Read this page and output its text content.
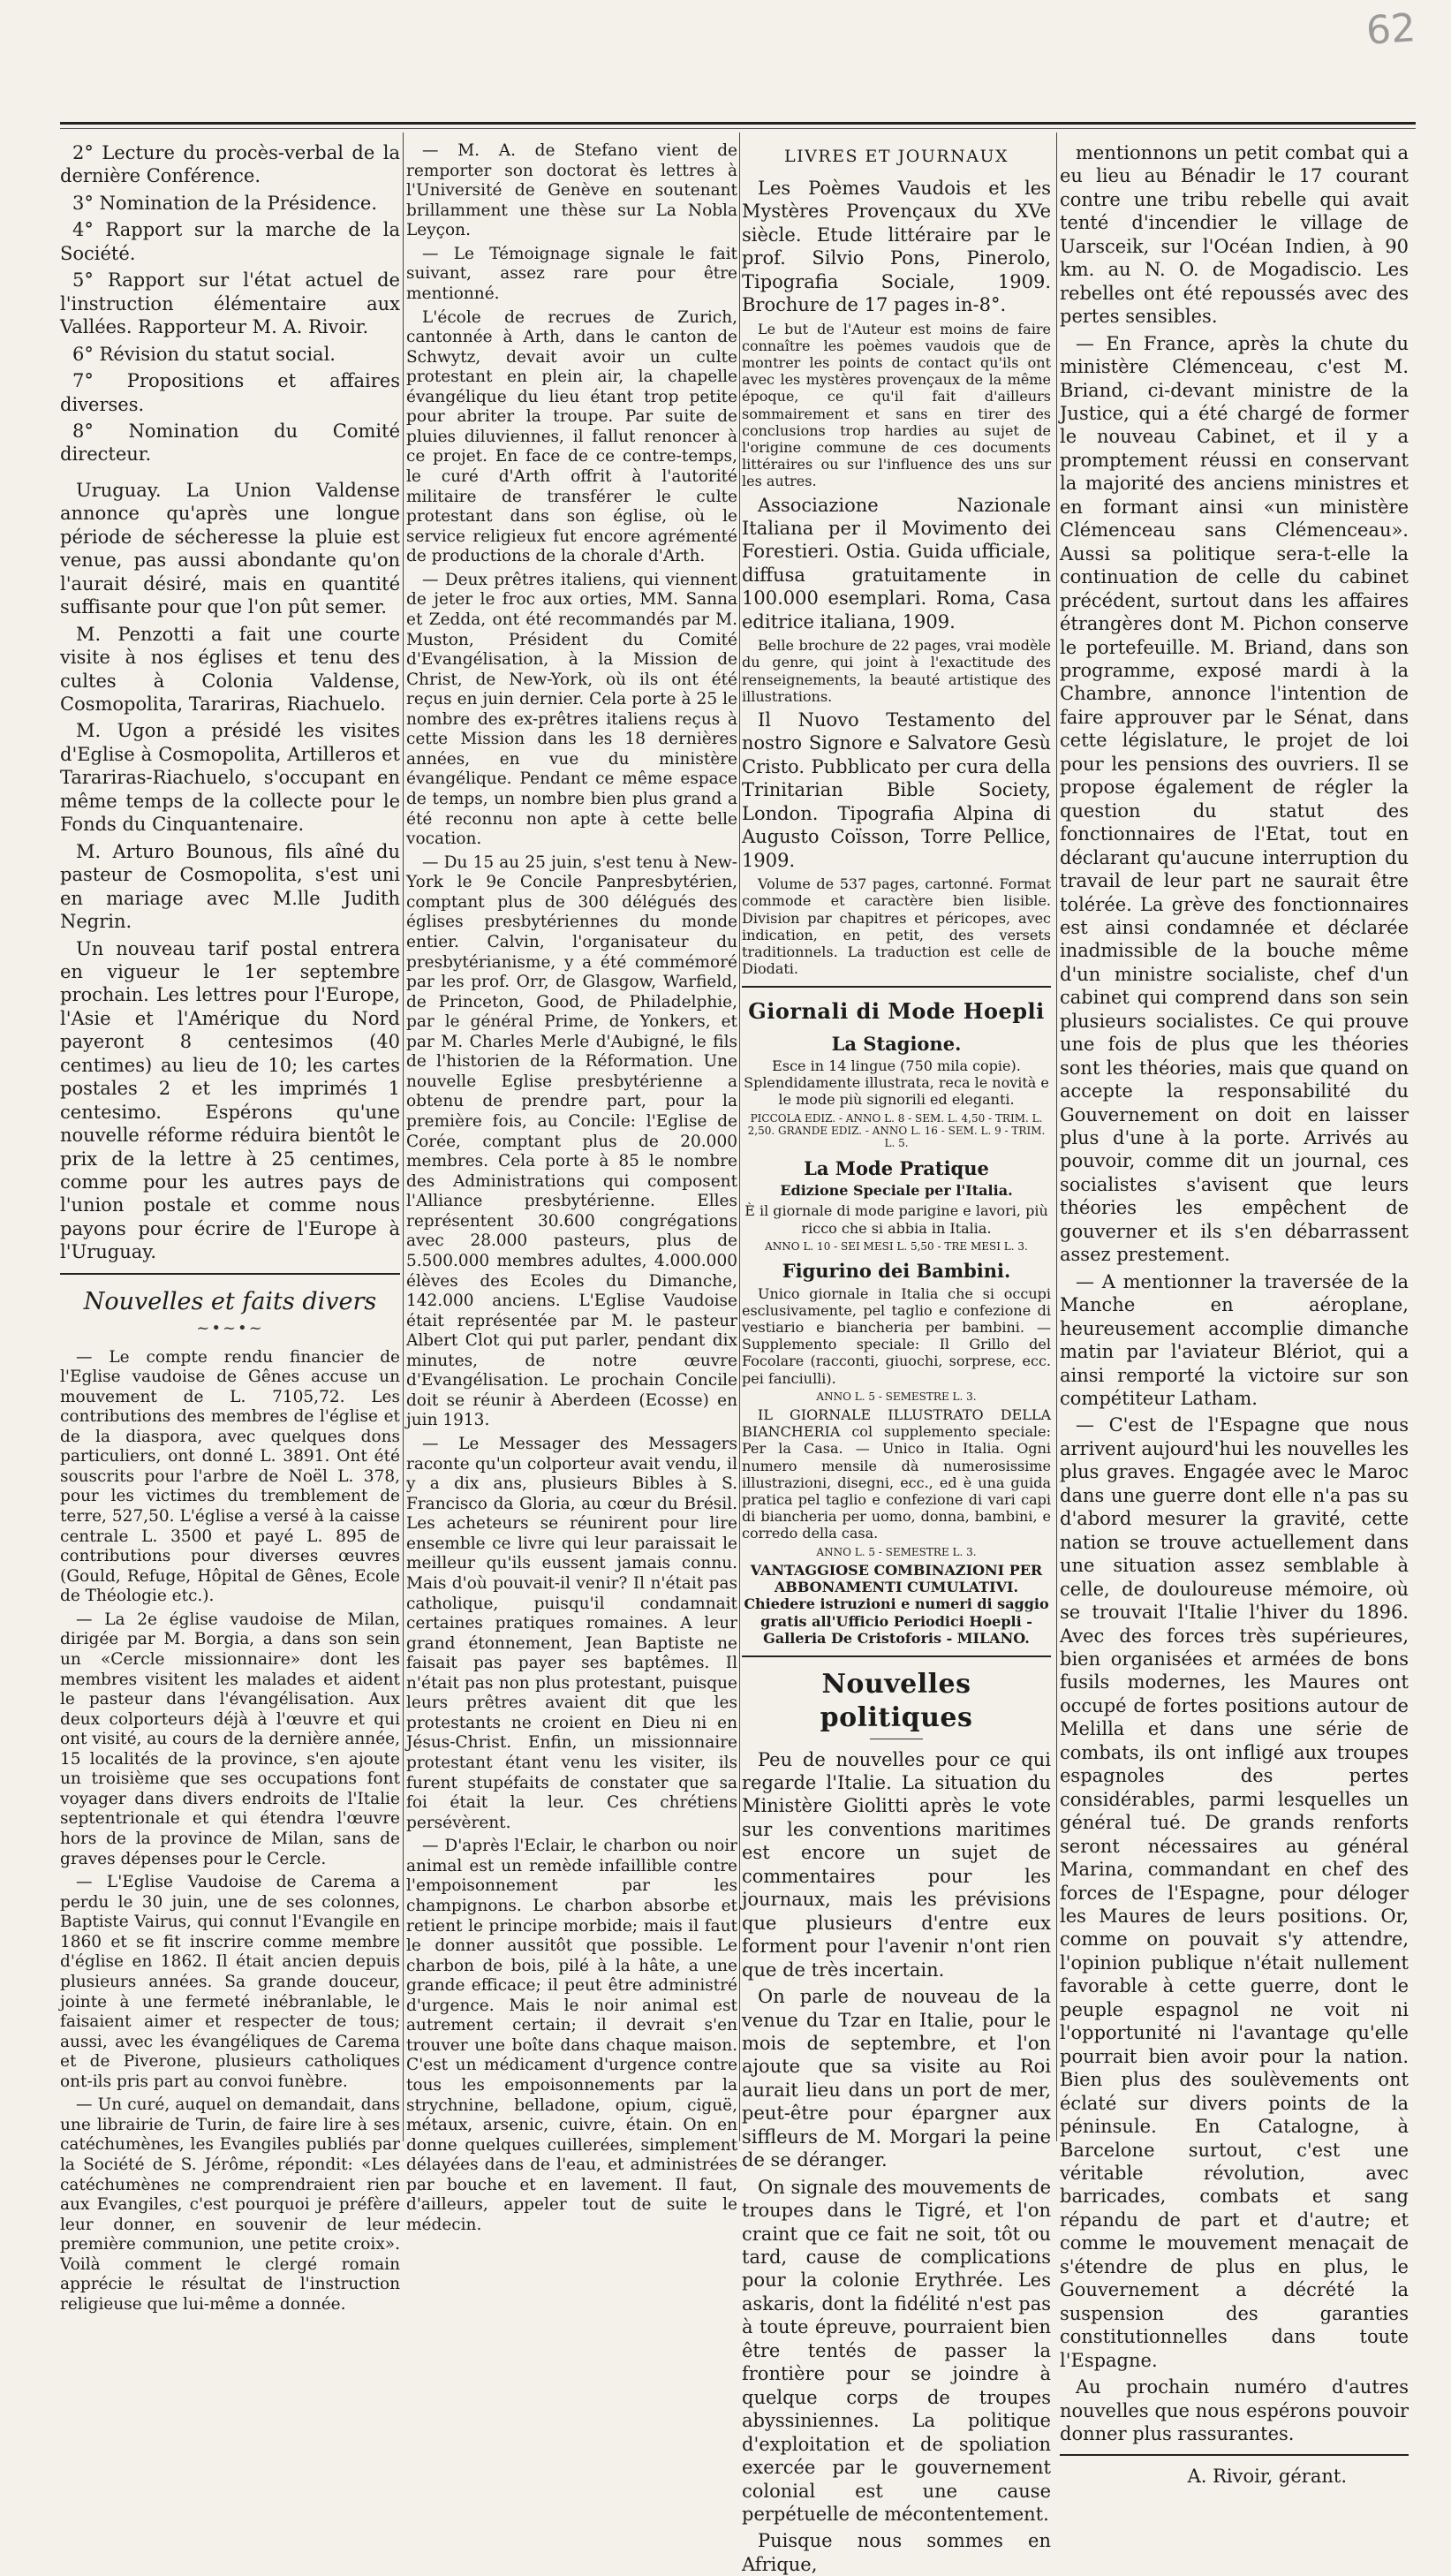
62

2° Lecture du procès-verbal de la dernière Conférence.

3° Nomination de la Présidence.

4° Rapport sur la marche de la Société.

5° Rapport sur l'état actuel de l'instruction élémentaire aux Vallées. Rapporteur M. A. Rivoir.

6° Révision du statut social.

7° Propositions et affaires diverses.

8° Nomination du Comité directeur.

Uruguay. La Union Valdense annonce qu'après une longue période de sécheresse la pluie est venue, pas aussi abondante qu'on l'aurait désiré, mais en quantité suffisante pour que l'on pût semer.

M. Penzotti a fait une courte visite à nos églises et tenu des cultes à Colonia Valdense, Cosmopolita, Tarariras, Riachuelo.

M. Ugon a présidé les visites d'Eglise à Cosmopolita, Artilleros et Tarariras-Riachuelo, s'occupant en même temps de la collecte pour le Fonds du Cinquantenaire.

M. Arturo Bounous, fils aîné du pasteur de Cosmopolita, s'est uni en mariage avec M.lle Judith Negrin.

Un nouveau tarif postal entrera en vigueur le 1er septembre prochain. Les lettres pour l'Europe, l'Asie et l'Amérique du Nord payeront 8 centesimos (40 centimes) au lieu de 10; les cartes postales 2 et les imprimés 1 centesimo. Espérons qu'une nouvelle réforme réduira bientôt le prix de la lettre à 25 centimes, comme pour les autres pays de l'union postale et comme nous payons pour écrire de l'Europe à l'Uruguay.

Nouvelles et faits divers
~•~•~

— Le compte rendu financier de l'Eglise vaudoise de Gênes accuse un mouvement de L. 7105,72. Les contributions des membres de l'église et de la diaspora, avec quelques dons particuliers, ont donné L. 3891. Ont été souscrits pour l'arbre de Noël L. 378, pour les victimes du tremblement de terre, 527,50. L'église a versé à la caisse centrale L. 3500 et payé L. 895 de contributions pour diverses œuvres (Gould, Refuge, Hôpital de Gênes, Ecole de Théologie etc.).

— La 2e église vaudoise de Milan, dirigée par M. Borgia, a dans son sein un «Cercle missionnaire» dont les membres visitent les malades et aident le pasteur dans l'évangélisation. Aux deux colporteurs déjà à l'œuvre et qui ont visité, au cours de la dernière année, 15 localités de la province, s'en ajoute un troisième que ses occupations font voyager dans divers endroits de l'Italie septentrionale et qui étendra l'œuvre hors de la province de Milan, sans de graves dépenses pour le Cercle.

— L'Eglise Vaudoise de Carema a perdu le 30 juin, une de ses colonnes, Baptiste Vairus, qui connut l'Evangile en 1860 et se fit inscrire comme membre d'église en 1862. Il était ancien depuis plusieurs années. Sa grande douceur, jointe à une fermeté inébranlable, le faisaient aimer et respecter de tous; aussi, avec les évangéliques de Carema et de Piverone, plusieurs catholiques ont-ils pris part au convoi funèbre.

— Un curé, auquel on demandait, dans une librairie de Turin, de faire lire à ses catéchumènes, les Evangiles publiés par la Société de S. Jérôme, répondit: «Les catéchumènes ne comprendraient rien aux Evangiles, c'est pourquoi je préfère leur donner, en souvenir de leur première communion, une petite croix». Voilà comment le clergé romain apprécie le résultat de l'instruction religieuse que lui-même a donnée.

— M. A. de Stefano vient de remporter son doctorat ès lettres à l'Université de Genève en soutenant brillamment une thèse sur La Nobla Leyçon.

— Le Témoignage signale le fait suivant, assez rare pour être mentionné.

L'école de recrues de Zurich, cantonnée à Arth, dans le canton de Schwytz, devait avoir un culte protestant en plein air, la chapelle évangélique du lieu étant trop petite pour abriter la troupe. Par suite de pluies diluviennes, il fallut renoncer à ce projet. En face de ce contre-temps, le curé d'Arth offrit à l'autorité militaire de transférer le culte protestant dans son église, où le service religieux fut encore agrémenté de productions de la chorale d'Arth.

— Deux prêtres italiens, qui viennent de jeter le froc aux orties, MM. Sanna et Zedda, ont été recommandés par M. Muston, Président du Comité d'Evangélisation, à la Mission de Christ, de New-York, où ils ont été reçus en juin dernier. Cela porte à 25 le nombre des ex-prêtres italiens reçus à cette Mission dans les 18 dernières années, en vue du ministère évangélique. Pendant ce même espace de temps, un nombre bien plus grand a été reconnu non apte à cette belle vocation.

— Du 15 au 25 juin, s'est tenu à New-York le 9e Concile Panpresbytérien, comptant plus de 300 délégués des églises presbytériennes du monde entier. Calvin, l'organisateur du presbytérianisme, y a été commémoré par les prof. Orr, de Glasgow, Warfield, de Princeton, Good, de Philadelphie, par le général Prime, de Yonkers, et par M. Charles Merle d'Aubigné, le fils de l'historien de la Réformation. Une nouvelle Eglise presbytérienne a obtenu de prendre part, pour la première fois, au Concile: l'Eglise de Corée, comptant plus de 20.000 membres. Cela porte à 85 le nombre des Administrations qui composent l'Alliance presbytérienne. Elles représentent 30.600 congrégations avec 28.000 pasteurs, plus de 5.500.000 membres adultes, 4.000.000 élèves des Ecoles du Dimanche, 142.000 anciens. L'Eglise Vaudoise était représentée par M. le pasteur Albert Clot qui put parler, pendant dix minutes, de notre œuvre d'Evangélisation. Le prochain Concile doit se réunir à Aberdeen (Ecosse) en juin 1913.

— Le Messager des Messagers raconte qu'un colporteur avait vendu, il y a dix ans, plusieurs Bibles à S. Francisco da Gloria, au cœur du Brésil. Les acheteurs se réunirent pour lire ensemble ce livre qui leur paraissait le meilleur qu'ils eussent jamais connu. Mais d'où pouvait-il venir? Il n'était pas catholique, puisqu'il condamnait certaines pratiques romaines. A leur grand étonnement, Jean Baptiste ne faisait pas payer ses baptêmes. Il n'était pas non plus protestant, puisque leurs prêtres avaient dit que les protestants ne croient en Dieu ni en Jésus-Christ. Enfin, un missionnaire protestant étant venu les visiter, ils furent stupéfaits de constater que sa foi était la leur. Ces chrétiens persévèrent.

— D'après l'Eclair, le charbon ou noir animal est un remède infaillible contre l'empoisonnement par les champignons. Le charbon absorbe et retient le principe morbide; mais il faut le donner aussitôt que possible. Le charbon de bois, pilé à la hâte, a une grande efficace; il peut être administré d'urgence. Mais le noir animal est autrement certain; il devrait s'en trouver une boîte dans chaque maison. C'est un médicament d'urgence contre tous les empoisonnements par la strychnine, belladone, opium, ciguë, métaux, arsenic, cuivre, étain. On en donne quelques cuillerées, simplement délayées dans de l'eau, et administrées par bouche et en lavement. Il faut, d'ailleurs, appeler tout de suite le médecin.

LIVRES ET JOURNAUX

Les Poèmes Vaudois et les Mystères Provençaux du XVe siècle. Etude littéraire par le prof. Silvio Pons, Pinerolo, Tipografia Sociale, 1909. Brochure de 17 pages in-8°.

Le but de l'Auteur est moins de faire connaître les poèmes vaudois que de montrer les points de contact qu'ils ont avec les mystères provençaux de la même époque, ce qu'il fait d'ailleurs sommairement et sans en tirer des conclusions trop hardies au sujet de l'origine commune de ces documents littéraires ou sur l'influence des uns sur les autres.

Associazione Nazionale Italiana per il Movimento dei Forestieri. Ostia. Guida ufficiale, diffusa gratuitamente in 100.000 esemplari. Roma, Casa editrice italiana, 1909.

Belle brochure de 22 pages, vrai modèle du genre, qui joint à l'exactitude des renseignements, la beauté artistique des illustrations.

Il Nuovo Testamento del nostro Signore e Salvatore Gesù Cristo. Pubblicato per cura della Trinitarian Bible Society, London. Tipografia Alpina di Augusto Coïsson, Torre Pellice, 1909.

Volume de 537 pages, cartonné. Format commode et caractère bien lisible. Division par chapitres et péricopes, avec indication, en petit, des versets traditionnels. La traduction est celle de Diodati.

Giornali di Mode Hoepli
La Stagione.

Esce in 14 lingue (750 mila copie). Splendidamente illustrata, reca le novità e le mode più signorili ed eleganti.

PICCOLA EDIZ. - ANNO L. 8 - SEM. L. 4,50 - TRIM. L. 2,50. GRANDE EDIZ. - ANNO L. 16 - SEM. L. 9 - TRIM. L. 5.

La Mode Pratique

Edizione Speciale per l'Italia.

È il giornale di mode parigine e lavori, più ricco che si abbia in Italia.

ANNO L. 10 - SEI MESI L. 5,50 - TRE MESI L. 3.

Figurino dei Bambini.

Unico giornale in Italia che si occupi esclusivamente, pel taglio e confezione di vestiario e biancheria per bambini. — Supplemento speciale: Il Grillo del Focolare (racconti, giuochi, sorprese, ecc. pei fanciulli).

ANNO L. 5 - SEMESTRE L. 3.

IL GIORNALE ILLUSTRATO DELLA BIANCHERIA col supplemento speciale: Per la Casa. — Unico in Italia. Ogni numero mensile dà numerosissime illustrazioni, disegni, ecc., ed è una guida pratica pel taglio e confezione di vari capi di biancheria per uomo, donna, bambini, e corredo della casa.

ANNO L. 5 - SEMESTRE L. 3.

VANTAGGIOSE COMBINAZIONI PER ABBONAMENTI CUMULATIVI. Chiedere istruzioni e numeri di saggio gratis all'Ufficio Periodici Hoepli - Galleria De Cristoforis - MILANO.

Nouvelles politiques

Peu de nouvelles pour ce qui regarde l'Italie. La situation du Ministère Giolitti après le vote sur les conventions maritimes est encore un sujet de commentaires pour les journaux, mais les prévisions que plusieurs d'entre eux forment pour l'avenir n'ont rien que de très incertain.

On parle de nouveau de la venue du Tzar en Italie, pour le mois de septembre, et l'on ajoute que sa visite au Roi aurait lieu dans un port de mer, peut-être pour épargner aux siffleurs de M. Morgari la peine de se déranger.

On signale des mouvements de troupes dans le Tigré, et l'on craint que ce fait ne soit, tôt ou tard, cause de complications pour la colonie Erythrée. Les askaris, dont la fidélité n'est pas à toute épreuve, pourraient bien être tentés de passer la frontière pour se joindre à quelque corps de troupes abyssiniennes. La politique d'exploitation et de spoliation exercée par le gouvernement colonial est une cause perpétuelle de mécontentement.

Puisque nous sommes en Afrique,

mentionnons un petit combat qui a eu lieu au Bénadir le 17 courant contre une tribu rebelle qui avait tenté d'incendier le village de Uarsceik, sur l'Océan Indien, à 90 km. au N. O. de Mogadiscio. Les rebelles ont été repoussés avec des pertes sensibles.

— En France, après la chute du ministère Clémenceau, c'est M. Briand, ci-devant ministre de la Justice, qui a été chargé de former le nouveau Cabinet, et il y a promptement réussi en conservant la majorité des anciens ministres et en formant ainsi «un ministère Clémenceau sans Clémenceau». Aussi sa politique sera-t-elle la continuation de celle du cabinet précédent, surtout dans les affaires étrangères dont M. Pichon conserve le portefeuille. M. Briand, dans son programme, exposé mardi à la Chambre, annonce l'intention de faire approuver par le Sénat, dans cette législature, le projet de loi pour les pensions des ouvriers. Il se propose également de régler la question du statut des fonctionnaires de l'Etat, tout en déclarant qu'aucune interruption du travail de leur part ne saurait être tolérée. La grève des fonctionnaires est ainsi condamnée et déclarée inadmissible de la bouche même d'un ministre socialiste, chef d'un cabinet qui comprend dans son sein plusieurs socialistes. Ce qui prouve une fois de plus que les théories sont les théories, mais que quand on accepte la responsabilité du Gouvernement on doit en laisser plus d'une à la porte. Arrivés au pouvoir, comme dit un journal, ces socialistes s'avisent que leurs théories les empêchent de gouverner et ils s'en débarrassent assez prestement.

— A mentionner la traversée de la Manche en aéroplane, heureusement accomplie dimanche matin par l'aviateur Blériot, qui a ainsi remporté la victoire sur son compétiteur Latham.

— C'est de l'Espagne que nous arrivent aujourd'hui les nouvelles les plus graves. Engagée avec le Maroc dans une guerre dont elle n'a pas su d'abord mesurer la gravité, cette nation se trouve actuellement dans une situation assez semblable à celle, de douloureuse mémoire, où se trouvait l'Italie l'hiver du 1896. Avec des forces très supérieures, bien organisées et armées de bons fusils modernes, les Maures ont occupé de fortes positions autour de Melilla et dans une série de combats, ils ont infligé aux troupes espagnoles des pertes considérables, parmi lesquelles un général tué. De grands renforts seront nécessaires au général Marina, commandant en chef des forces de l'Espagne, pour déloger les Maures de leurs positions. Or, comme on pouvait s'y attendre, l'opinion publique n'était nullement favorable à cette guerre, dont le peuple espagnol ne voit ni l'opportunité ni l'avantage qu'elle pourrait bien avoir pour la nation. Bien plus des soulèvements ont éclaté sur divers points de la péninsule. En Catalogne, à Barcelone surtout, c'est une véritable révolution, avec barricades, combats et sang répandu de part et d'autre; et comme le mouvement menaçait de s'étendre de plus en plus, le Gouvernement a décrété la suspension des garanties constitutionnelles dans toute l'Espagne.

Au prochain numéro d'autres nouvelles que nous espérons pouvoir donner plus rassurantes.

A. Rivoir, gérant.
